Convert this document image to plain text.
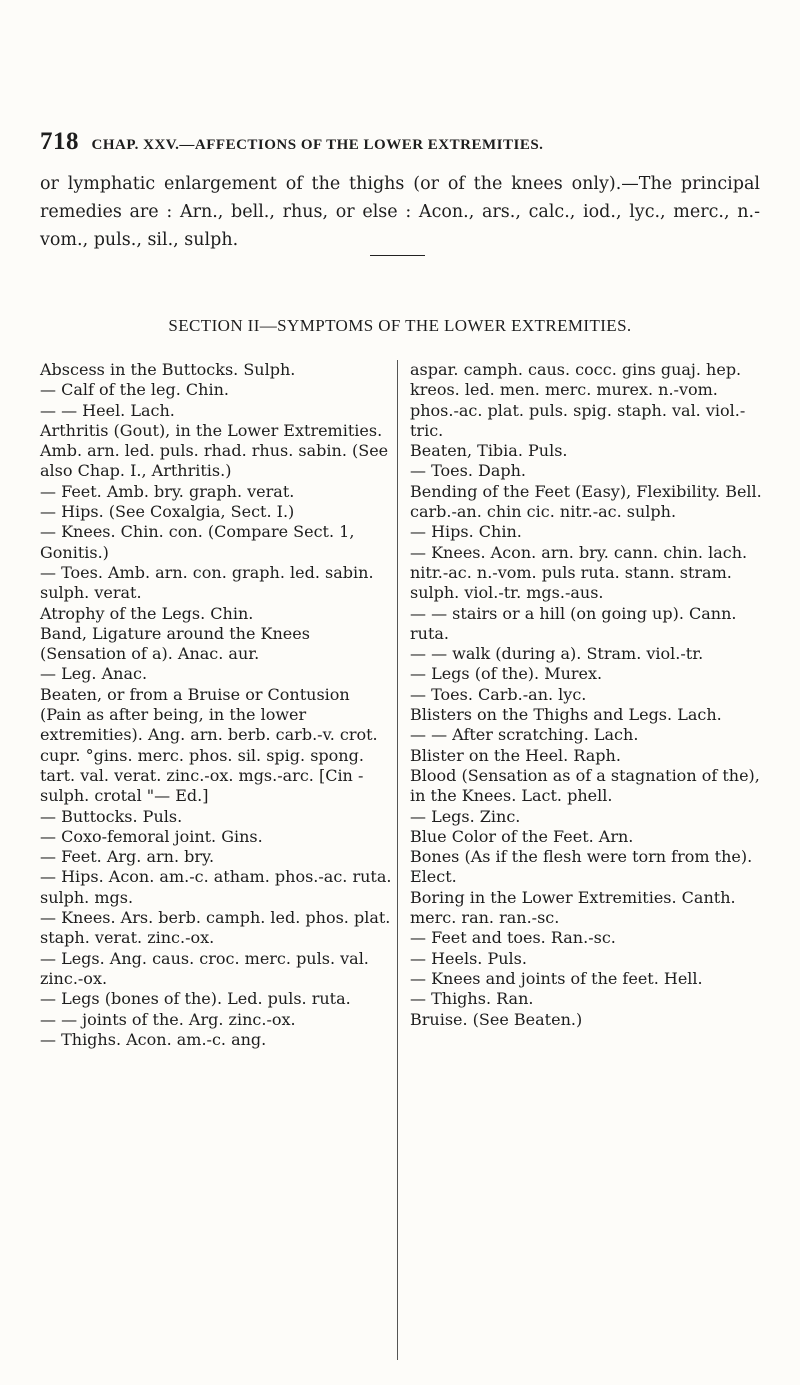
718 CHAP. XXV.—AFFECTIONS OF THE LOWER EXTREMITIES.
or lymphatic enlargement of the thighs (or of the knees only).—The principal remedies are : Arn., bell., rhus, or else : Acon., ars., calc., iod., lyc., merc., n.-vom., puls., sil., sulph.
SECTION II—SYMPTOMS OF THE LOWER EXTREMITIES.
Abscess in the Buttocks. Sulph.
— Calf of the leg. Chin.
— — Heel. Lach.
Arthritis (Gout), in the Lower Extremities. Amb. arn. led. puls. rhad. rhus. sabin. (See also Chap. I., Arthritis.)
— Feet. Amb. bry. graph. verat.
— Hips. (See Coxalgia, Sect. I.)
— Knees. Chin. con. (Compare Sect. 1, Gonitis.)
— Toes. Amb. arn. con. graph. led. sabin. sulph. verat.
Atrophy of the Legs. Chin.
Band, Ligature around the Knees (Sensation of a). Anac. aur.
— Leg. Anac.
Beaten, or from a Bruise or Contusion (Pain as after being, in the lower extremities). Ang. arn. berb. carb.-v. crot. cupr. °gins. merc. phos. sil. spig. spong. tart. val. verat. zinc.-ox. mgs.-arc. [Cin -sulph. crotal "— Ed.]
— Buttocks. Puls.
— Coxo-femoral joint. Gins.
— Feet. Arg. arn. bry.
— Hips. Acon. am.-c. atham. phos.-ac. ruta. sulph. mgs.
— Knees. Ars. berb. camph. led. phos. plat. staph. verat. zinc.-ox.
— Legs. Ang. caus. croc. merc. puls. val. zinc.-ox.
— Legs (bones of the). Led. puls. ruta.
— — joints of the. Arg. zinc.-ox.
— Thighs. Acon. am.-c. ang.
aspar. camph. caus. cocc. gins guaj. hep. kreos. led. men. merc. murex. n.-vom. phos.-ac. plat. puls. spig. staph. val. viol.-tric.
Beaten, Tibia. Puls.
— Toes. Daph.
Bending of the Feet (Easy), Flexibility. Bell. carb.-an. chin cic. nitr.-ac. sulph.
— Hips. Chin.
— Knees. Acon. arn. bry. cann. chin. lach. nitr.-ac. n.-vom. puls ruta. stann. stram. sulph. viol.-tr. mgs.-aus.
— — stairs or a hill (on going up). Cann. ruta.
— — walk (during a). Stram. viol.-tr.
— Legs (of the). Murex.
— Toes. Carb.-an. lyc.
Blisters on the Thighs and Legs. Lach.
— — After scratching. Lach.
Blister on the Heel. Raph.
Blood (Sensation as of a stagnation of the), in the Knees. Lact. phell.
— Legs. Zinc.
Blue Color of the Feet. Arn.
Bones (As if the flesh were torn from the). Elect.
Boring in the Lower Extremities. Canth. merc. ran. ran.-sc.
— Feet and toes. Ran.-sc.
— Heels. Puls.
— Knees and joints of the feet. Hell.
— Thighs. Ran.
Bruise. (See Beaten.)
